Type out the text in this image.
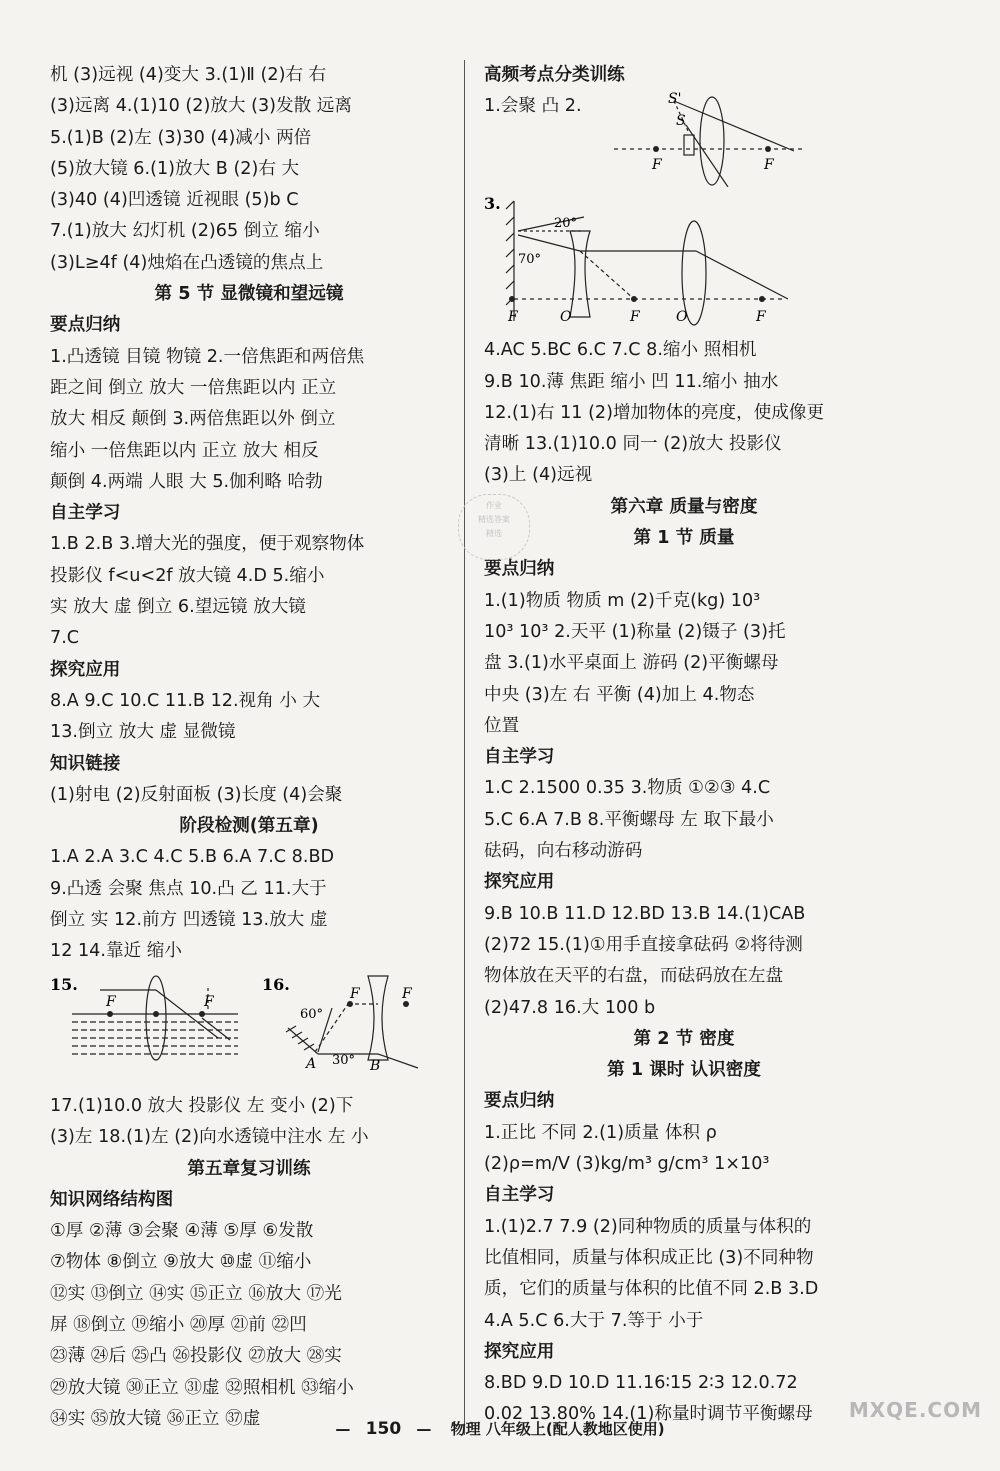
机 (3)远视 (4)变大 3.(1)Ⅱ (2)右 右
(3)远离 4.(1)10 (2)放大 (3)发散 远离
5.(1)B (2)左 (3)30 (4)减小 两倍
(5)放大镜 6.(1)放大 B (2)右 大
(3)40 (4)凹透镜 近视眼 (5)b C
7.(1)放大 幻灯机 (2)65 倒立 缩小
(3)L≥4f (4)烛焰在凸透镜的焦点上
第 5 节 显微镜和望远镜
要点归纳
1.凸透镜 目镜 物镜 2.一倍焦距和两倍焦
距之间 倒立 放大 一倍焦距以内 正立
放大 相反 颠倒 3.两倍焦距以外 倒立
缩小 一倍焦距以内 正立 放大 相反
颠倒 4.两端 人眼 大 5.伽利略 哈勃
自主学习
1.B 2.B 3.增大光的强度，便于观察物体
投影仪 f<u<2f 放大镜 4.D 5.缩小
实 放大 虚 倒立 6.望远镜 放大镜
7.C
探究应用
8.A 9.C 10.C 11.B 12.视角 小 大
13.倒立 放大 虚 显微镜
知识链接
(1)射电 (2)反射面板 (3)长度 (4)会聚
阶段检测(第五章)
1.A 2.A 3.C 4.C 5.B 6.A 7.C 8.BD
9.凸透 会聚 焦点 10.凸 乙 11.大于
倒立 实 12.前方 凹透镜 13.放大 虚
12 14.靠近 缩小
15.
F	F
16.	F	F
60°
30°
A	B
17.(1)10.0 放大 投影仪 左 变小 (2)下
(3)左 18.(1)左 (2)向水透镜中注水 左 小
第五章复习训练
知识网络结构图
①厚 ②薄 ③会聚 ④薄 ⑤厚 ⑥发散
⑦物体 ⑧倒立 ⑨放大 ⑩虚 ⑪缩小
⑫实 ⑬倒立 ⑭实 ⑮正立 ⑯放大 ⑰光
屏 ⑱倒立 ⑲缩小 ⑳厚 ㉑前 ㉒凹
㉓薄 ㉔后 ㉕凸 ㉖投影仪 ㉗放大 ㉘实
㉙放大镜 ㉚正立 ㉛虚 ㉜照相机 ㉝缩小
㉞实 ㉟放大镜 ㊱正立 ㊲虚
高频考点分类训练
1.会聚 凸 2.
F	F
S'
S
3.
20°
70°
F	O	F	O	F
4.AC 5.BC 6.C 7.C 8.缩小 照相机
9.B 10.薄 焦距 缩小 凹 11.缩小 抽水
12.(1)右 11 (2)增加物体的亮度，使成像更
清晰 13.(1)10.0 同一 (2)放大 投影仪
(3)上 (4)远视
第六章 质量与密度
第 1 节 质量
要点归纳
1.(1)物质 物质 m (2)千克(kg) 10³
10³ 10³ 2.天平 (1)称量 (2)镊子 (3)托
盘 3.(1)水平桌面上 游码 (2)平衡螺母
中央 (3)左 右 平衡 (4)加上 4.物态
位置
自主学习
1.C 2.1500 0.35 3.物质 ①②③ 4.C
5.C 6.A 7.B 8.平衡螺母 左 取下最小
砝码，向右移动游码
探究应用
9.B 10.B 11.D 12.BD 13.B 14.(1)CAB
(2)72 15.(1)①用手直接拿砝码 ②将待测
物体放在天平的右盘，而砝码放在左盘
(2)47.8 16.大 100 b
第 2 节 密度
第 1 课时 认识密度
要点归纳
1.正比 不同 2.(1)质量 体积 ρ
(2)ρ=m/V (3)kg/m³ g/cm³ 1×10³
自主学习
1.(1)2.7 7.9 (2)同种物质的质量与体积的
比值相同，质量与体积成正比 (3)不同种物
质，它们的质量与体积的比值不同 2.B 3.D
4.A 5.C 6.大于 7.等于 小于
探究应用
8.BD 9.D 10.D 11.16∶15 2∶3 12.0.72
0.02 13.80% 14.(1)称量时调节平衡螺母
作业
精选答案
精选
— 150 — 物理 八年级上(配人教地区使用)
MXQE.COM
